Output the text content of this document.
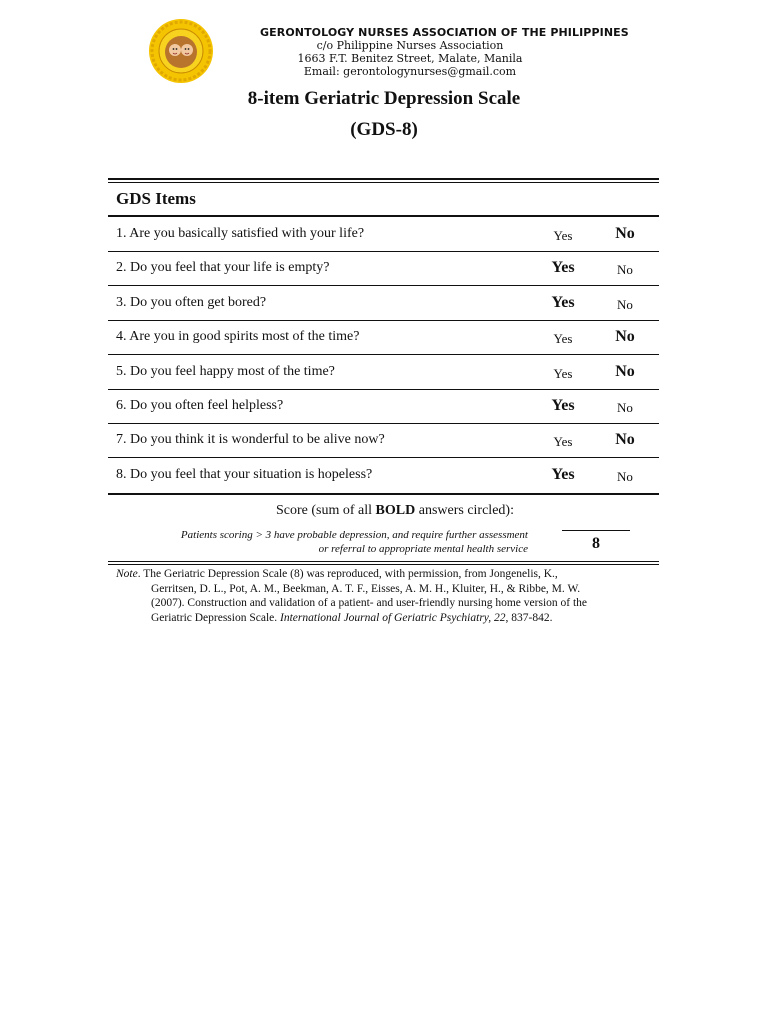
GERONTOLOGY NURSES ASSOCIATION OF THE PHILIPPINES
c/o Philippine Nurses Association
1663 F.T. Benitez Street, Malate, Manila
Email: gerontologynurses@gmail.com
8-item Geriatric Depression Scale
(GDS-8)
GDS Items
1. Are you basically satisfied with your life?	Yes	No
2. Do you feel that your life is empty?	Yes	No
3. Do you often get bored?	Yes	No
4. Are you in good spirits most of the time?	Yes	No
5. Do you feel happy most of the time?	Yes	No
6. Do you often feel helpless?	Yes	No
7. Do you think it is wonderful to be alive now?	Yes	No
8. Do you feel that your situation is hopeless?	Yes	No
Score (sum of all BOLD answers circled):
Patients scoring > 3 have probable depression, and require further assessment
or referral to appropriate mental health service	8
Note. The Geriatric Depression Scale (8) was reproduced, with permission, from Jongenelis, K.,
Gerritsen, D. L., Pot, A. M., Beekman, A. T. F., Eisses, A. M. H., Kluiter, H., & Ribbe, M. W.
(2007). Construction and validation of a patient- and user-friendly nursing home version of the
Geriatric Depression Scale. International Journal of Geriatric Psychiatry, 22, 837-842.
